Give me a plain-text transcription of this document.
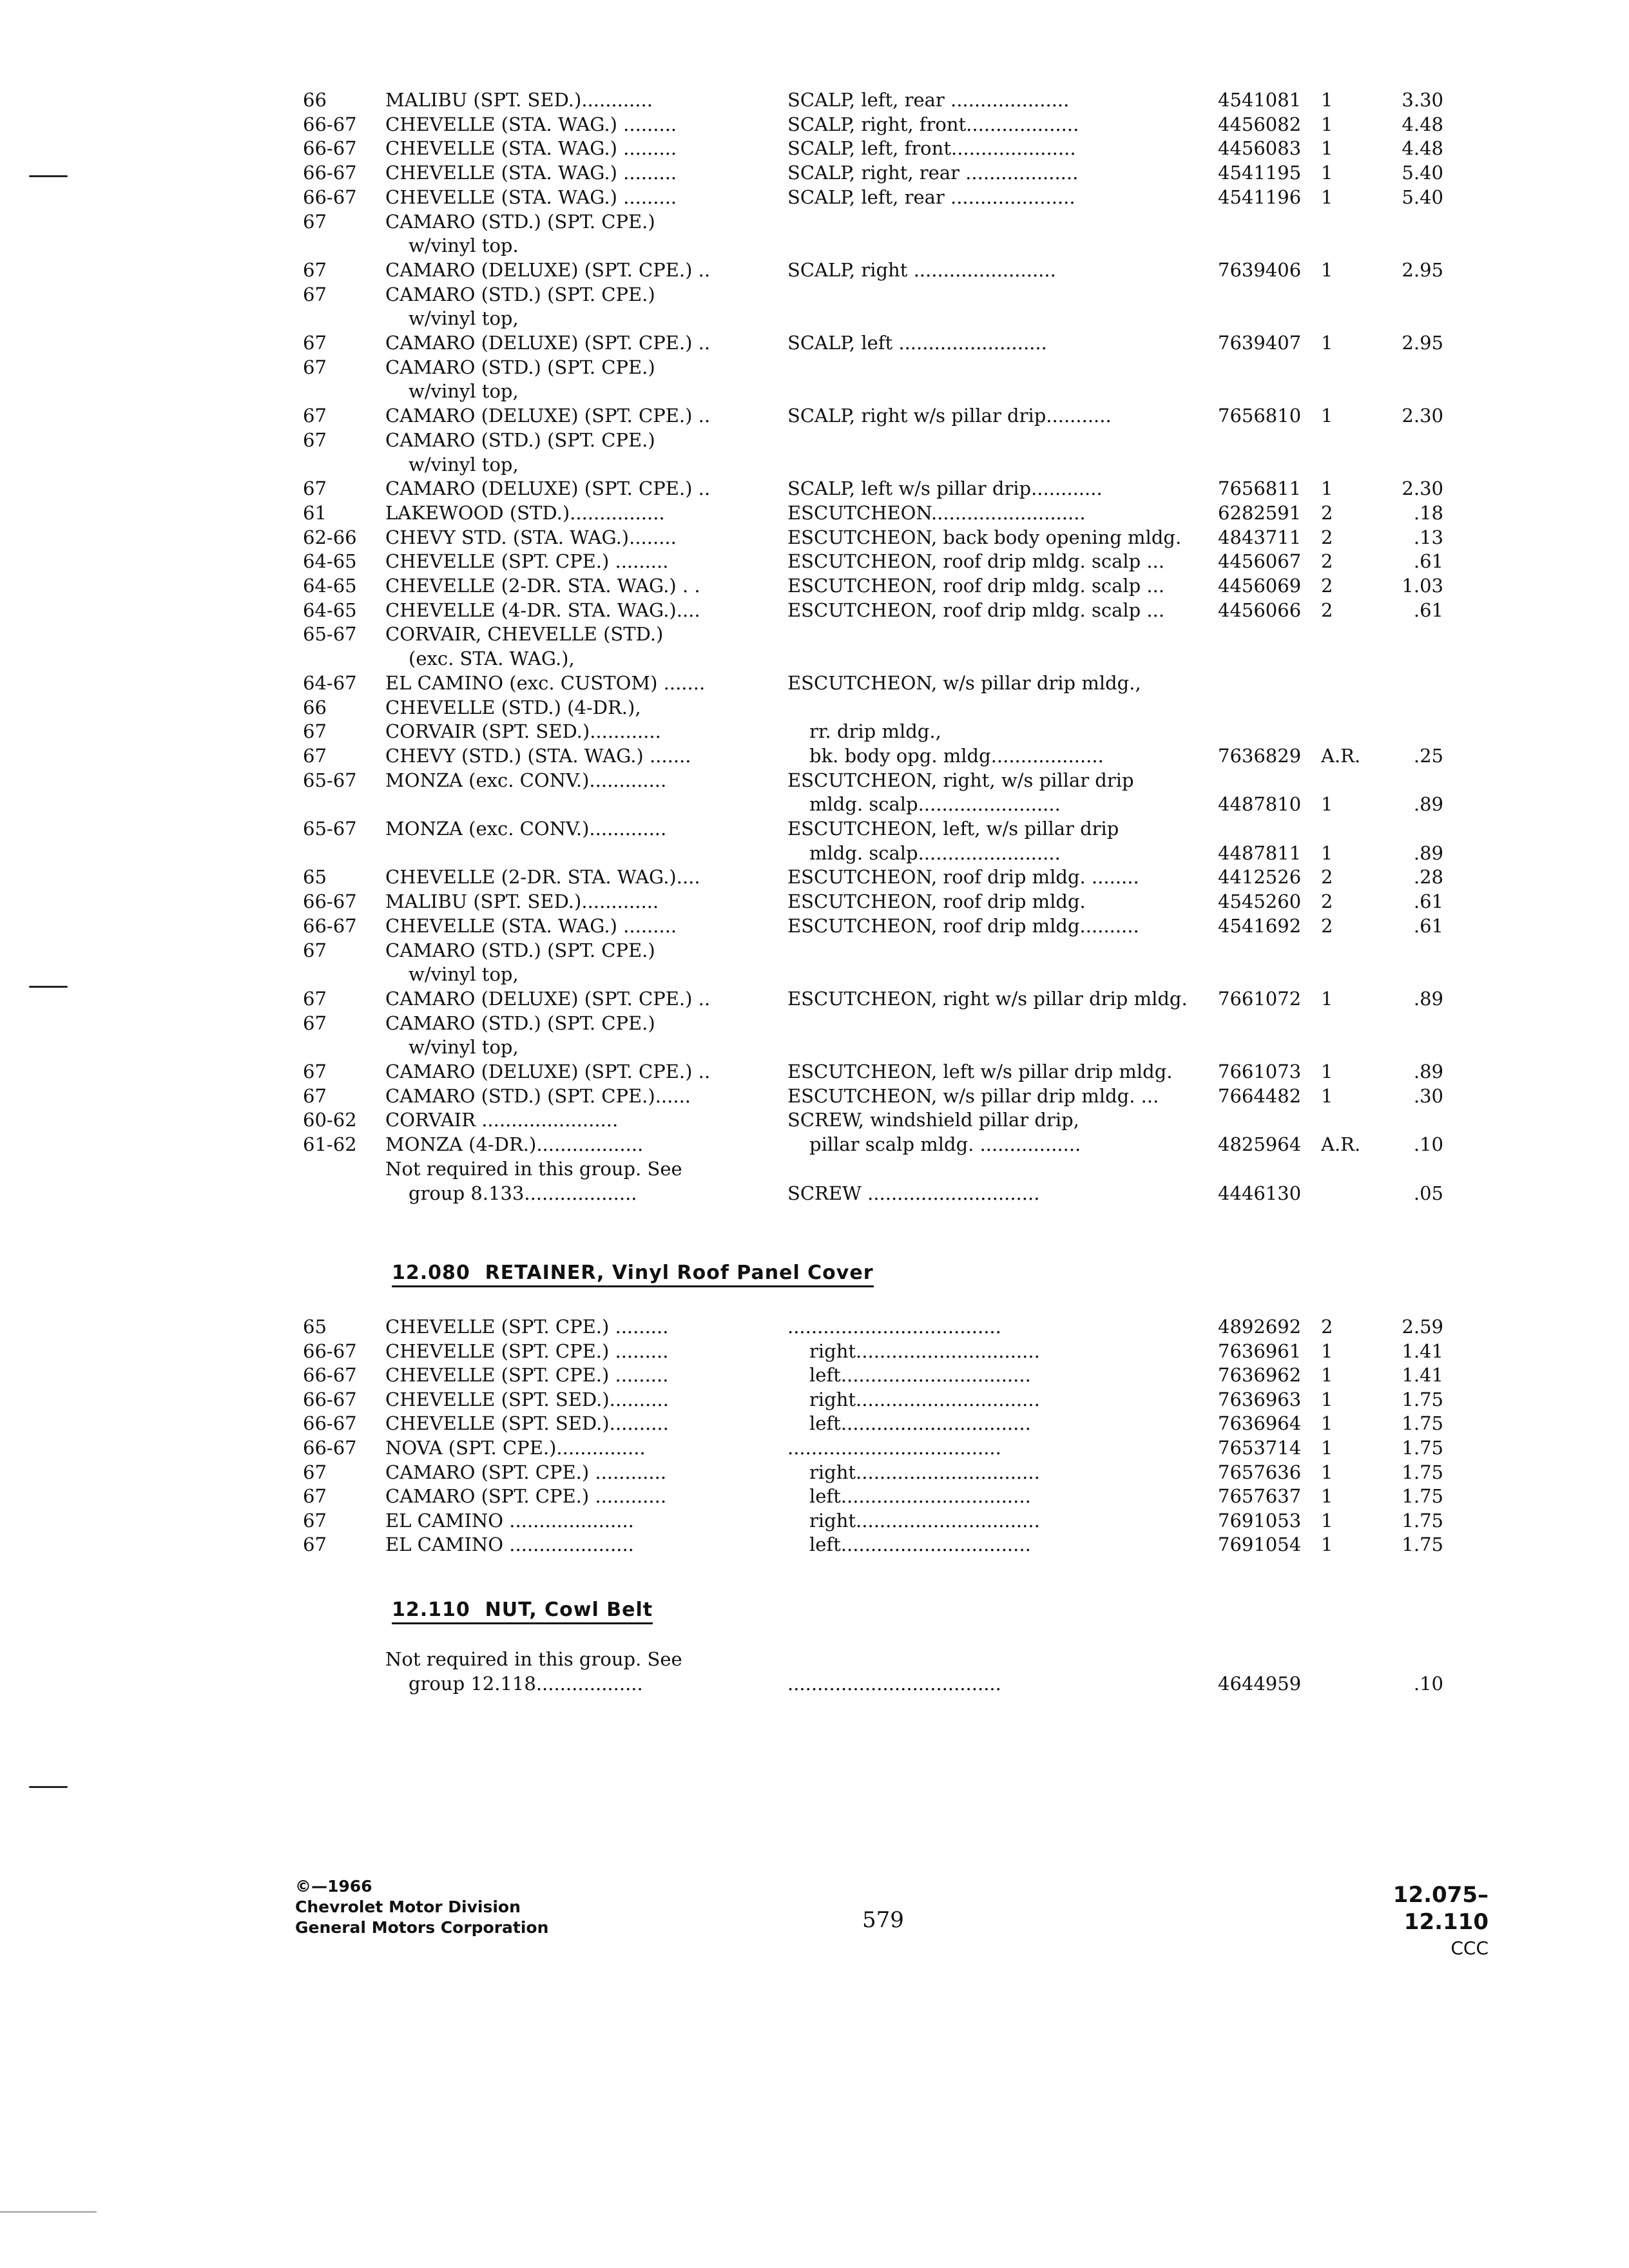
66	MALIBU (SPT. SED.)............	SCALP, left, rear ....................	4541081	1	3.30
66-67	CHEVELLE (STA. WAG.) .........	SCALP, right, front...................	4456082	1	4.48
66-67	CHEVELLE (STA. WAG.) .........	SCALP, left, front.....................	4456083	1	4.48
66-67	CHEVELLE (STA. WAG.) .........	SCALP, right, rear ...................	4541195	1	5.40
66-67	CHEVELLE (STA. WAG.) .........	SCALP, left, rear .....................	4541196	1	5.40
67	CAMARO (STD.) (SPT. CPE.)
w/vinyl top.
67	CAMARO (DELUXE) (SPT. CPE.) ..	SCALP, right ........................	7639406	1	2.95
67	CAMARO (STD.) (SPT. CPE.)
w/vinyl top,
67	CAMARO (DELUXE) (SPT. CPE.) ..	SCALP, left .........................	7639407	1	2.95
67	CAMARO (STD.) (SPT. CPE.)
w/vinyl top,
67	CAMARO (DELUXE) (SPT. CPE.) ..	SCALP, right w/s pillar drip...........	7656810	1	2.30
67	CAMARO (STD.) (SPT. CPE.)
w/vinyl top,
67	CAMARO (DELUXE) (SPT. CPE.) ..	SCALP, left w/s pillar drip............	7656811	1	2.30
61	LAKEWOOD (STD.)................	ESCUTCHEON..........................	6282591	2	.18
62-66	CHEVY STD. (STA. WAG.)........	ESCUTCHEON, back body opening mldg.	4843711	2	.13
64-65	CHEVELLE (SPT. CPE.) .........	ESCUTCHEON, roof drip mldg. scalp ...	4456067	2	.61
64-65	CHEVELLE (2-DR. STA. WAG.) . .	ESCUTCHEON, roof drip mldg. scalp ...	4456069	2	1.03
64-65	CHEVELLE (4-DR. STA. WAG.)....	ESCUTCHEON, roof drip mldg. scalp ...	4456066	2	.61
65-67	CORVAIR, CHEVELLE (STD.)
(exc. STA. WAG.),
64-67	EL CAMINO (exc. CUSTOM) .......	ESCUTCHEON, w/s pillar drip mldg.,
66	CHEVELLE (STD.) (4-DR.),
67	CORVAIR (SPT. SED.)............	rr. drip mldg.,
67	CHEVY (STD.) (STA. WAG.) .......	bk. body opg. mldg...................	7636829	A.R.	.25
65-67	MONZA (exc. CONV.).............	ESCUTCHEON, right, w/s pillar drip
mldg. scalp........................	4487810	1	.89
65-67	MONZA (exc. CONV.).............	ESCUTCHEON, left, w/s pillar drip
mldg. scalp........................	4487811	1	.89
65	CHEVELLE (2-DR. STA. WAG.)....	ESCUTCHEON, roof drip mldg. ........	4412526	2	.28
66-67	MALIBU (SPT. SED.).............	ESCUTCHEON, roof drip mldg.	4545260	2	.61
66-67	CHEVELLE (STA. WAG.) .........	ESCUTCHEON, roof drip mldg..........	4541692	2	.61
67	CAMARO (STD.) (SPT. CPE.)
w/vinyl top,
67	CAMARO (DELUXE) (SPT. CPE.) ..	ESCUTCHEON, right w/s pillar drip mldg.	7661072	1	.89
67	CAMARO (STD.) (SPT. CPE.)
w/vinyl top,
67	CAMARO (DELUXE) (SPT. CPE.) ..	ESCUTCHEON, left w/s pillar drip mldg.	7661073	1	.89
67	CAMARO (STD.) (SPT. CPE.)......	ESCUTCHEON, w/s pillar drip mldg. ...	7664482	1	.30
60-62	CORVAIR .......................	SCREW, windshield pillar drip,
61-62	MONZA (4-DR.)..................	pillar scalp mldg. .................	4825964	A.R.	.10
Not required in this group. See
group 8.133...................	SCREW .............................	4446130	.05
12.080 RETAINER, Vinyl Roof Panel Cover
65	CHEVELLE (SPT. CPE.) .........	....................................	4892692	2	2.59
66-67	CHEVELLE (SPT. CPE.) .........	right...............................	7636961	1	1.41
66-67	CHEVELLE (SPT. CPE.) .........	left................................	7636962	1	1.41
66-67	CHEVELLE (SPT. SED.)..........	right...............................	7636963	1	1.75
66-67	CHEVELLE (SPT. SED.)..........	left................................	7636964	1	1.75
66-67	NOVA (SPT. CPE.)...............	....................................	7653714	1	1.75
67	CAMARO (SPT. CPE.) ............	right...............................	7657636	1	1.75
67	CAMARO (SPT. CPE.) ............	left................................	7657637	1	1.75
67	EL CAMINO .....................	right...............................	7691053	1	1.75
67	EL CAMINO .....................	left................................	7691054	1	1.75
12.110 NUT, Cowl Belt
Not required in this group. See
group 12.118..................	....................................	4644959	.10
©—1966
Chevrolet Motor Division
General Motors Corporation	579
12.075–12.110
CCC
